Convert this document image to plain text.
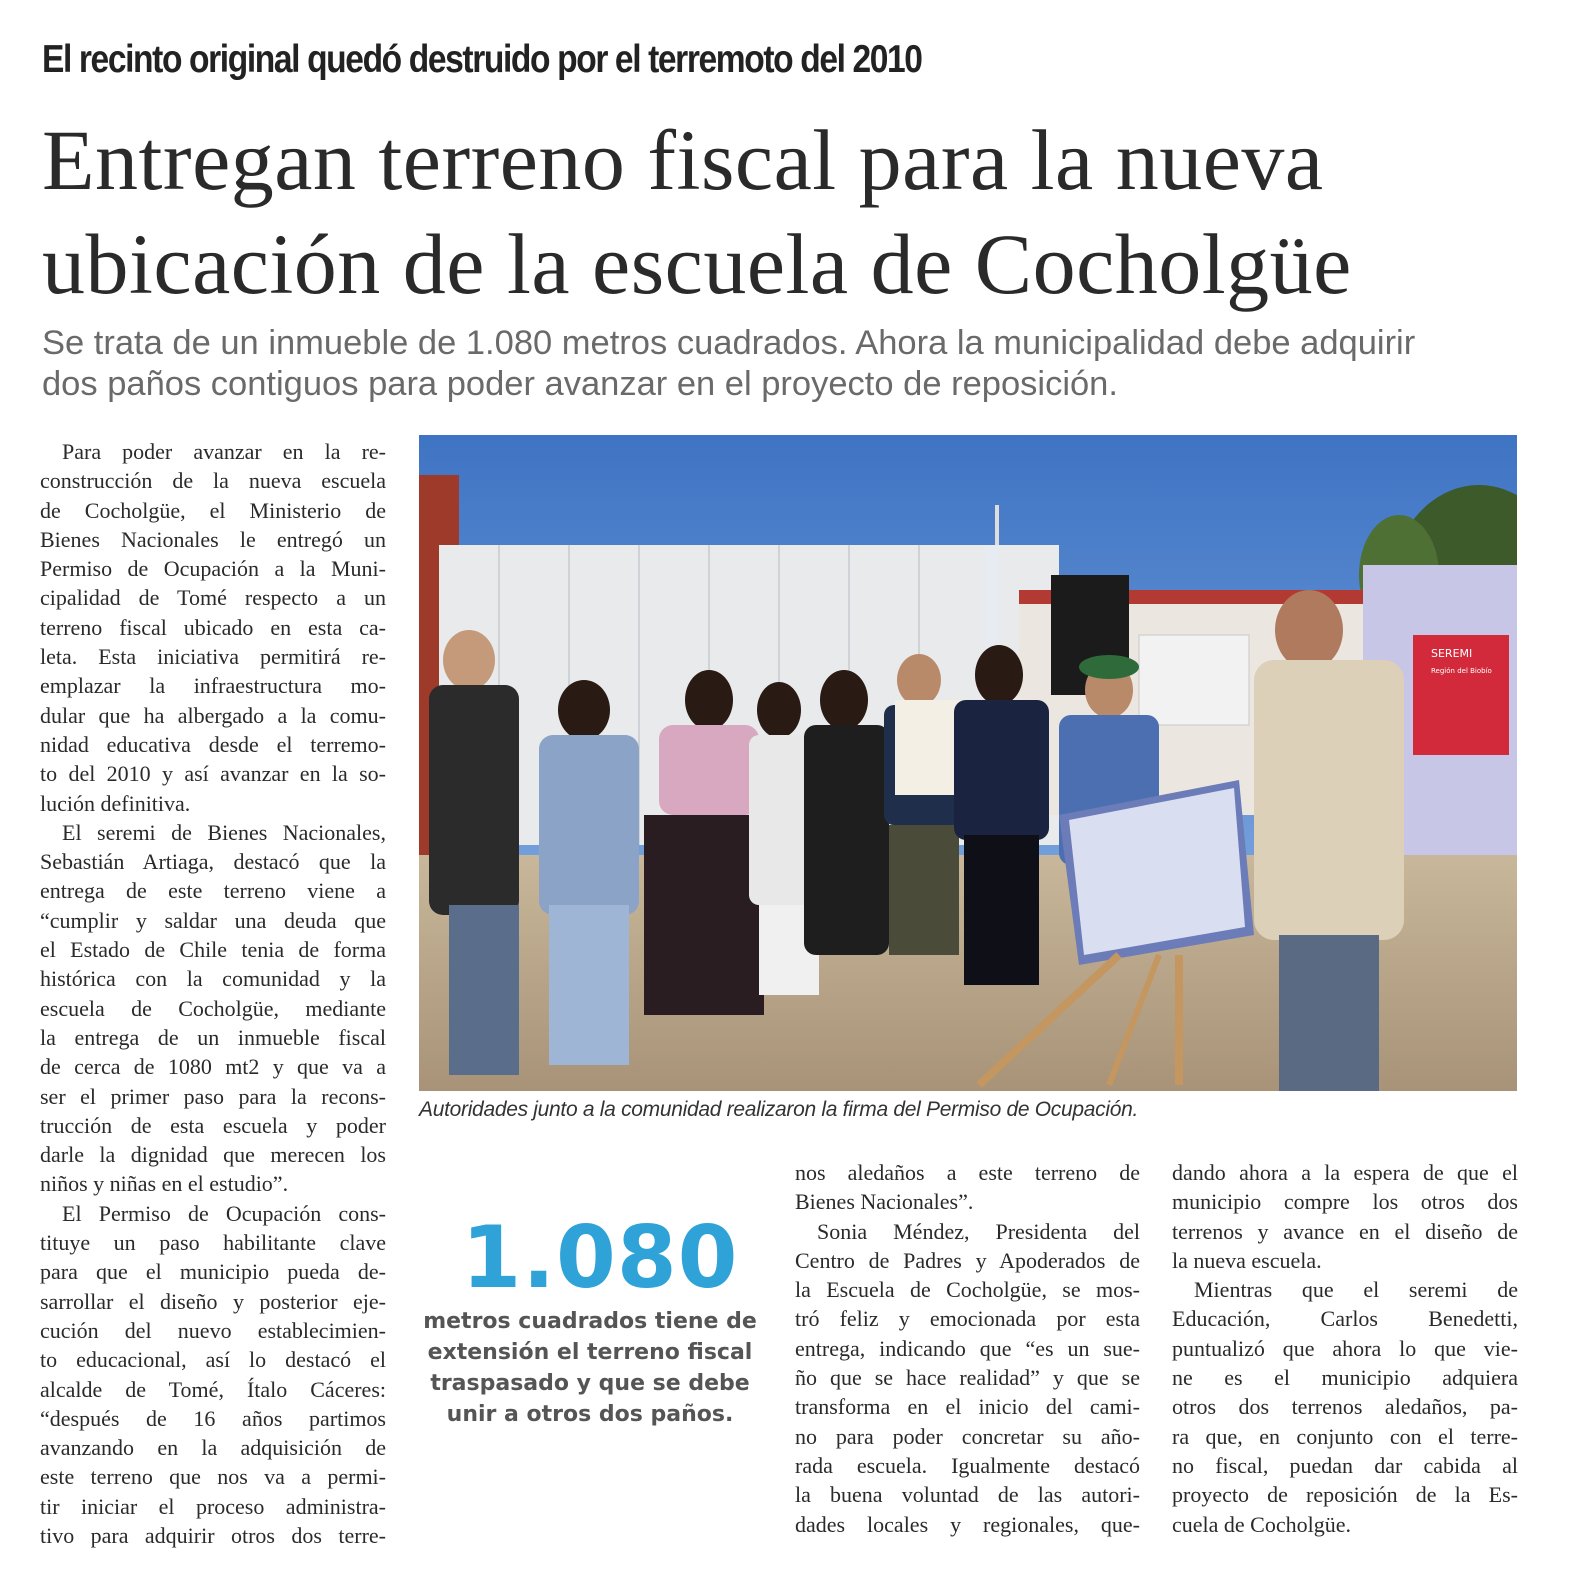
El recinto original quedó destruido por el terremoto del 2010
Entregan terreno fiscal para la nueva
ubicación de la escuela de Cocholgüe
Se trata de un inmueble de 1.080 metros cuadrados. Ahora la municipalidad debe adquirir
dos paños contiguos para poder avanzar en el proyecto de reposición.
Para poder avanzar en la re-
construcción de la nueva escuela
de Cocholgüe, el Ministerio de
Bienes Nacionales le entregó un
Permiso de Ocupación a la Muni-
cipalidad de Tomé respecto a un
terreno fiscal ubicado en esta ca-
leta. Esta iniciativa permitirá re-
emplazar la infraestructura mo-
dular que ha albergado a la comu-
nidad educativa desde el terremo-
to del 2010 y así avanzar en la so-
lución definitiva.
El seremi de Bienes Nacionales,
Sebastián Artiaga, destacó que la
entrega de este terreno viene a
“cumplir y saldar una deuda que
el Estado de Chile tenia de forma
histórica con la comunidad y la
escuela de Cocholgüe, mediante
la entrega de un inmueble fiscal
de cerca de 1080 mt2 y que va a
ser el primer paso para la recons-
trucción de esta escuela y poder
darle la dignidad que merecen los
niños y niñas en el estudio”.
El Permiso de Ocupación cons-
tituye un paso habilitante clave
para que el municipio pueda de-
sarrollar el diseño y posterior eje-
cución del nuevo establecimien-
to educacional, así lo destacó el
alcalde de Tomé, Ítalo Cáceres:
“después de 16 años partimos
avanzando en la adquisición de
este terreno que nos va a permi-
tir iniciar el proceso administra-
tivo para adquirir otros dos terre-
SEREMI
Región del Biobío
Autoridades junto a la comunidad realizaron la firma del Permiso de Ocupación.
1.080
metros cuadrados tiene de
extensión el terreno fiscal
traspasado y que se debe
unir a otros dos paños.
nos aledaños a este terreno de
Bienes Nacionales”.
Sonia Méndez, Presidenta del
Centro de Padres y Apoderados de
la Escuela de Cocholgüe, se mos-
tró feliz y emocionada por esta
entrega, indicando que “es un sue-
ño que se hace realidad” y que se
transforma en el inicio del cami-
no para poder concretar su año-
rada escuela. Igualmente destacó
la buena voluntad de las autori-
dades locales y regionales, que-
dando ahora a la espera de que el
municipio compre los otros dos
terrenos y avance en el diseño de
la nueva escuela.
Mientras que el seremi de
Educación, Carlos Benedetti,
puntualizó que ahora lo que vie-
ne es el municipio adquiera
otros dos terrenos aledaños, pa-
ra que, en conjunto con el terre-
no fiscal, puedan dar cabida al
proyecto de reposición de la Es-
cuela de Cocholgüe.
